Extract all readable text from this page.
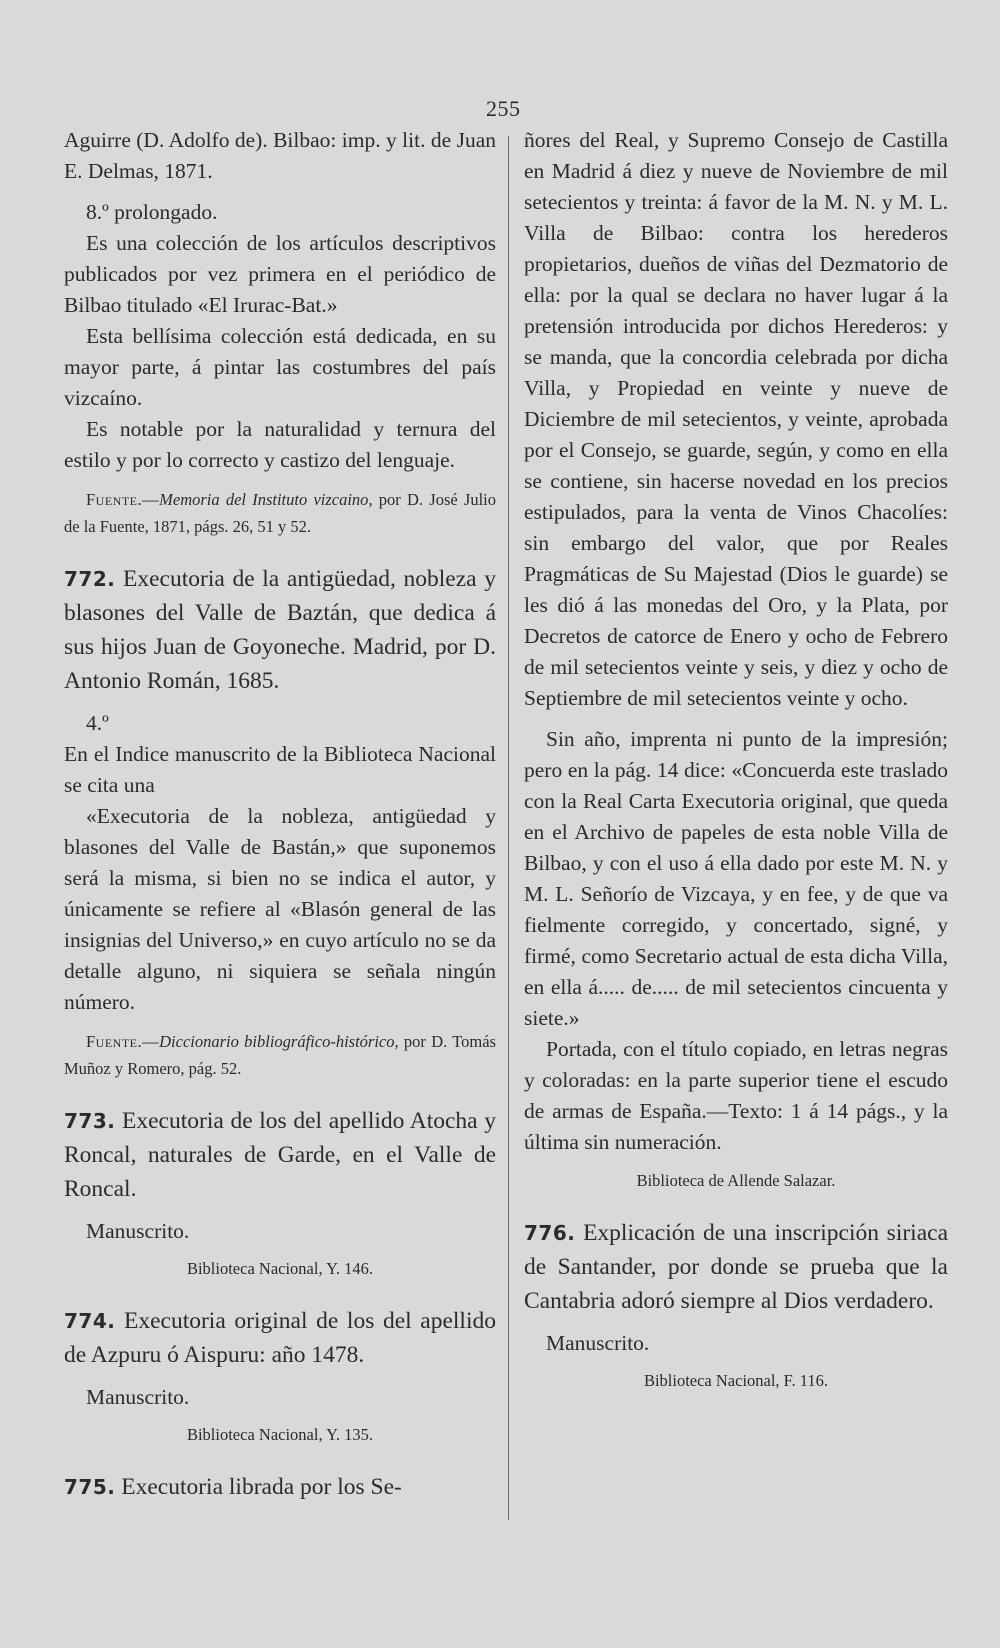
255

Aguirre (D. Adolfo de). Bilbao: imp. y lit. de Juan E. Delmas, 1871.

8.º prolongado.

Es una colección de los artículos descriptivos publicados por vez primera en el periódico de Bilbao titulado «El Irurac-Bat.»

Esta bellísima colección está dedicada, en su mayor parte, á pintar las costumbres del país vizcaíno.

Es notable por la naturalidad y ternura del estilo y por lo correcto y castizo del lenguaje.

Fuente.—Memoria del Instituto vizcaino, por D. José Julio de la Fuente, 1871, págs. 26, 51 y 52.

772. Executoria de la antigüedad, nobleza y blasones del Valle de Baztán, que dedica á sus hijos Juan de Goyoneche. Madrid, por D. Antonio Román, 1685.

4.º

En el Indice manuscrito de la Biblioteca Nacional se cita una

«Executoria de la nobleza, antigüedad y blasones del Valle de Bastán,» que suponemos será la misma, si bien no se indica el autor, y únicamente se refiere al «Blasón general de las insignias del Universo,» en cuyo artículo no se da detalle alguno, ni siquiera se señala ningún número.

Fuente.—Diccionario bibliográfico-histórico, por D. Tomás Muñoz y Romero, pág. 52.

773. Executoria de los del apellido Atocha y Roncal, naturales de Garde, en el Valle de Roncal.

Manuscrito.

Biblioteca Nacional, Y. 146.

774. Executoria original de los del apellido de Azpuru ó Aispuru: año 1478.

Manuscrito.

Biblioteca Nacional, Y. 135.

775. Executoria librada por los Se-

ñores del Real, y Supremo Consejo de Castilla en Madrid á diez y nueve de Noviembre de mil setecientos y treinta: á favor de la M. N. y M. L. Villa de Bilbao: contra los herederos propietarios, dueños de viñas del Dezmatorio de ella: por la qual se declara no haver lugar á la pretensión introducida por dichos Herederos: y se manda, que la concordia celebrada por dicha Villa, y Propiedad en veinte y nueve de Diciembre de mil setecientos, y veinte, aprobada por el Consejo, se guarde, según, y como en ella se contiene, sin hacerse novedad en los precios estipulados, para la venta de Vinos Chacolíes: sin embargo del valor, que por Reales Pragmáticas de Su Majestad (Dios le guarde) se les dió á las monedas del Oro, y la Plata, por Decretos de catorce de Enero y ocho de Febrero de mil setecientos veinte y seis, y diez y ocho de Septiembre de mil setecientos veinte y ocho.

Sin año, imprenta ni punto de la impresión; pero en la pág. 14 dice: «Concuerda este traslado con la Real Carta Executoria original, que queda en el Archivo de papeles de esta noble Villa de Bilbao, y con el uso á ella dado por este M. N. y M. L. Señorío de Vizcaya, y en fee, y de que va fielmente corregido, y concertado, signé, y firmé, como Secretario actual de esta dicha Villa, en ella á..... de..... de mil setecientos cincuenta y siete.»

Portada, con el título copiado, en letras negras y coloradas: en la parte superior tiene el escudo de armas de España.—Texto: 1 á 14 págs., y la última sin numeración.

Biblioteca de Allende Salazar.

776. Explicación de una inscripción siriaca de Santander, por donde se prueba que la Cantabria adoró siempre al Dios verdadero.

Manuscrito.

Biblioteca Nacional, F. 116.
